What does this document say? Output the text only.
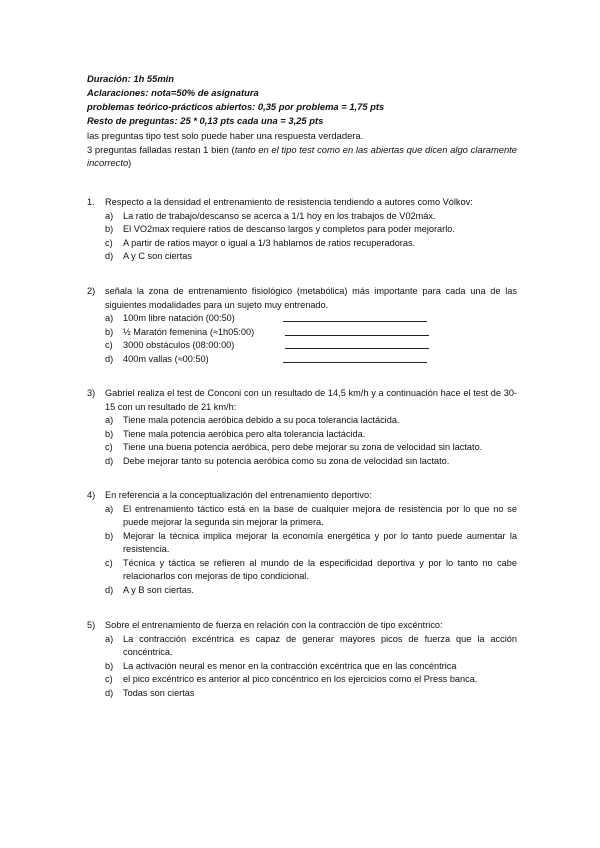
Duración: 1h 55min
Aclaraciones: nota=50% de asignatura
problemas teórico-prácticos abiertos: 0,35 por problema = 1,75 pts
Resto de preguntas: 25 * 0,13 pts cada una = 3,25 pts
las preguntas tipo test solo puede haber una respuesta verdadera.
3 preguntas falladas restan 1 bien (tanto en el tipo test como en las abiertas que dicen algo claramente incorrecto)
1.	Respecto a la densidad el entrenamiento de resistencia tendiendo a autores como Vólkov:
a)	La ratio de trabajo/descanso se acerca a 1/1 hoy en los trabajos de V02máx.
b)	El VO2max requiere ratios de descanso largos y completos para poder mejorarlo.
c)	A partir de ratios mayor o igual a 1/3 hablamos de ratios recuperadoras.
d)	A y C son ciertas
2)	señala la zona de entrenamiento fisiológico (metabólica) más importante para cada una de las siguientes modalidades para un sujeto muy entrenado.
a)	100m libre natación (00:50)
b)	½ Maratón femenina (≈1h05:00)
c)	3000 obstáculos (08:00:00)
d)	400m vallas (≈00:50)
3)	Gabriel realiza el test de Conconi con un resultado de 14,5 km/h y a continuación hace el test de 30-15 con un resultado de 21 km/h:
a)	Tiene mala potencia aeróbica debido a su poca tolerancia lactácida.
b)	Tiene mala potencia aeróbica pero alta tolerancia lactácida.
c)	Tiene una buena potencia aeróbica, pero debe mejorar su zona de velocidad sin lactato.
d)	Debe mejorar tanto su potencia aeróbica como su zona de velocidad sin lactato.
4)	En referencia a la conceptualización del entrenamiento deportivo:
a)	El entrenamiento táctico está en la base de cualquier mejora de resistencia por lo que no se puede mejorar la segunda sin mejorar la primera.
b)	Mejorar la técnica implica mejorar la economía energética y por lo tanto puede aumentar la resistencia.
c)	Técnica y táctica se refieren al mundo de la especificidad deportiva y por lo tanto no cabe relacionarlos con mejoras de tipo condicional.
d)	A y B son ciertas.
5)	Sobre el entrenamiento de fuerza en relación con la contracción de tipo excéntrico:
a)	La contracción excéntrica es capaz de generar mayores picos de fuerza que la acción concéntrica.
b)	La activación neural es menor en la contracción excéntrica que en las concéntrica
c)	el pico excéntrico es anterior al pico concéntrico en los ejercicios como el Press banca.
d)	Todas son ciertas
